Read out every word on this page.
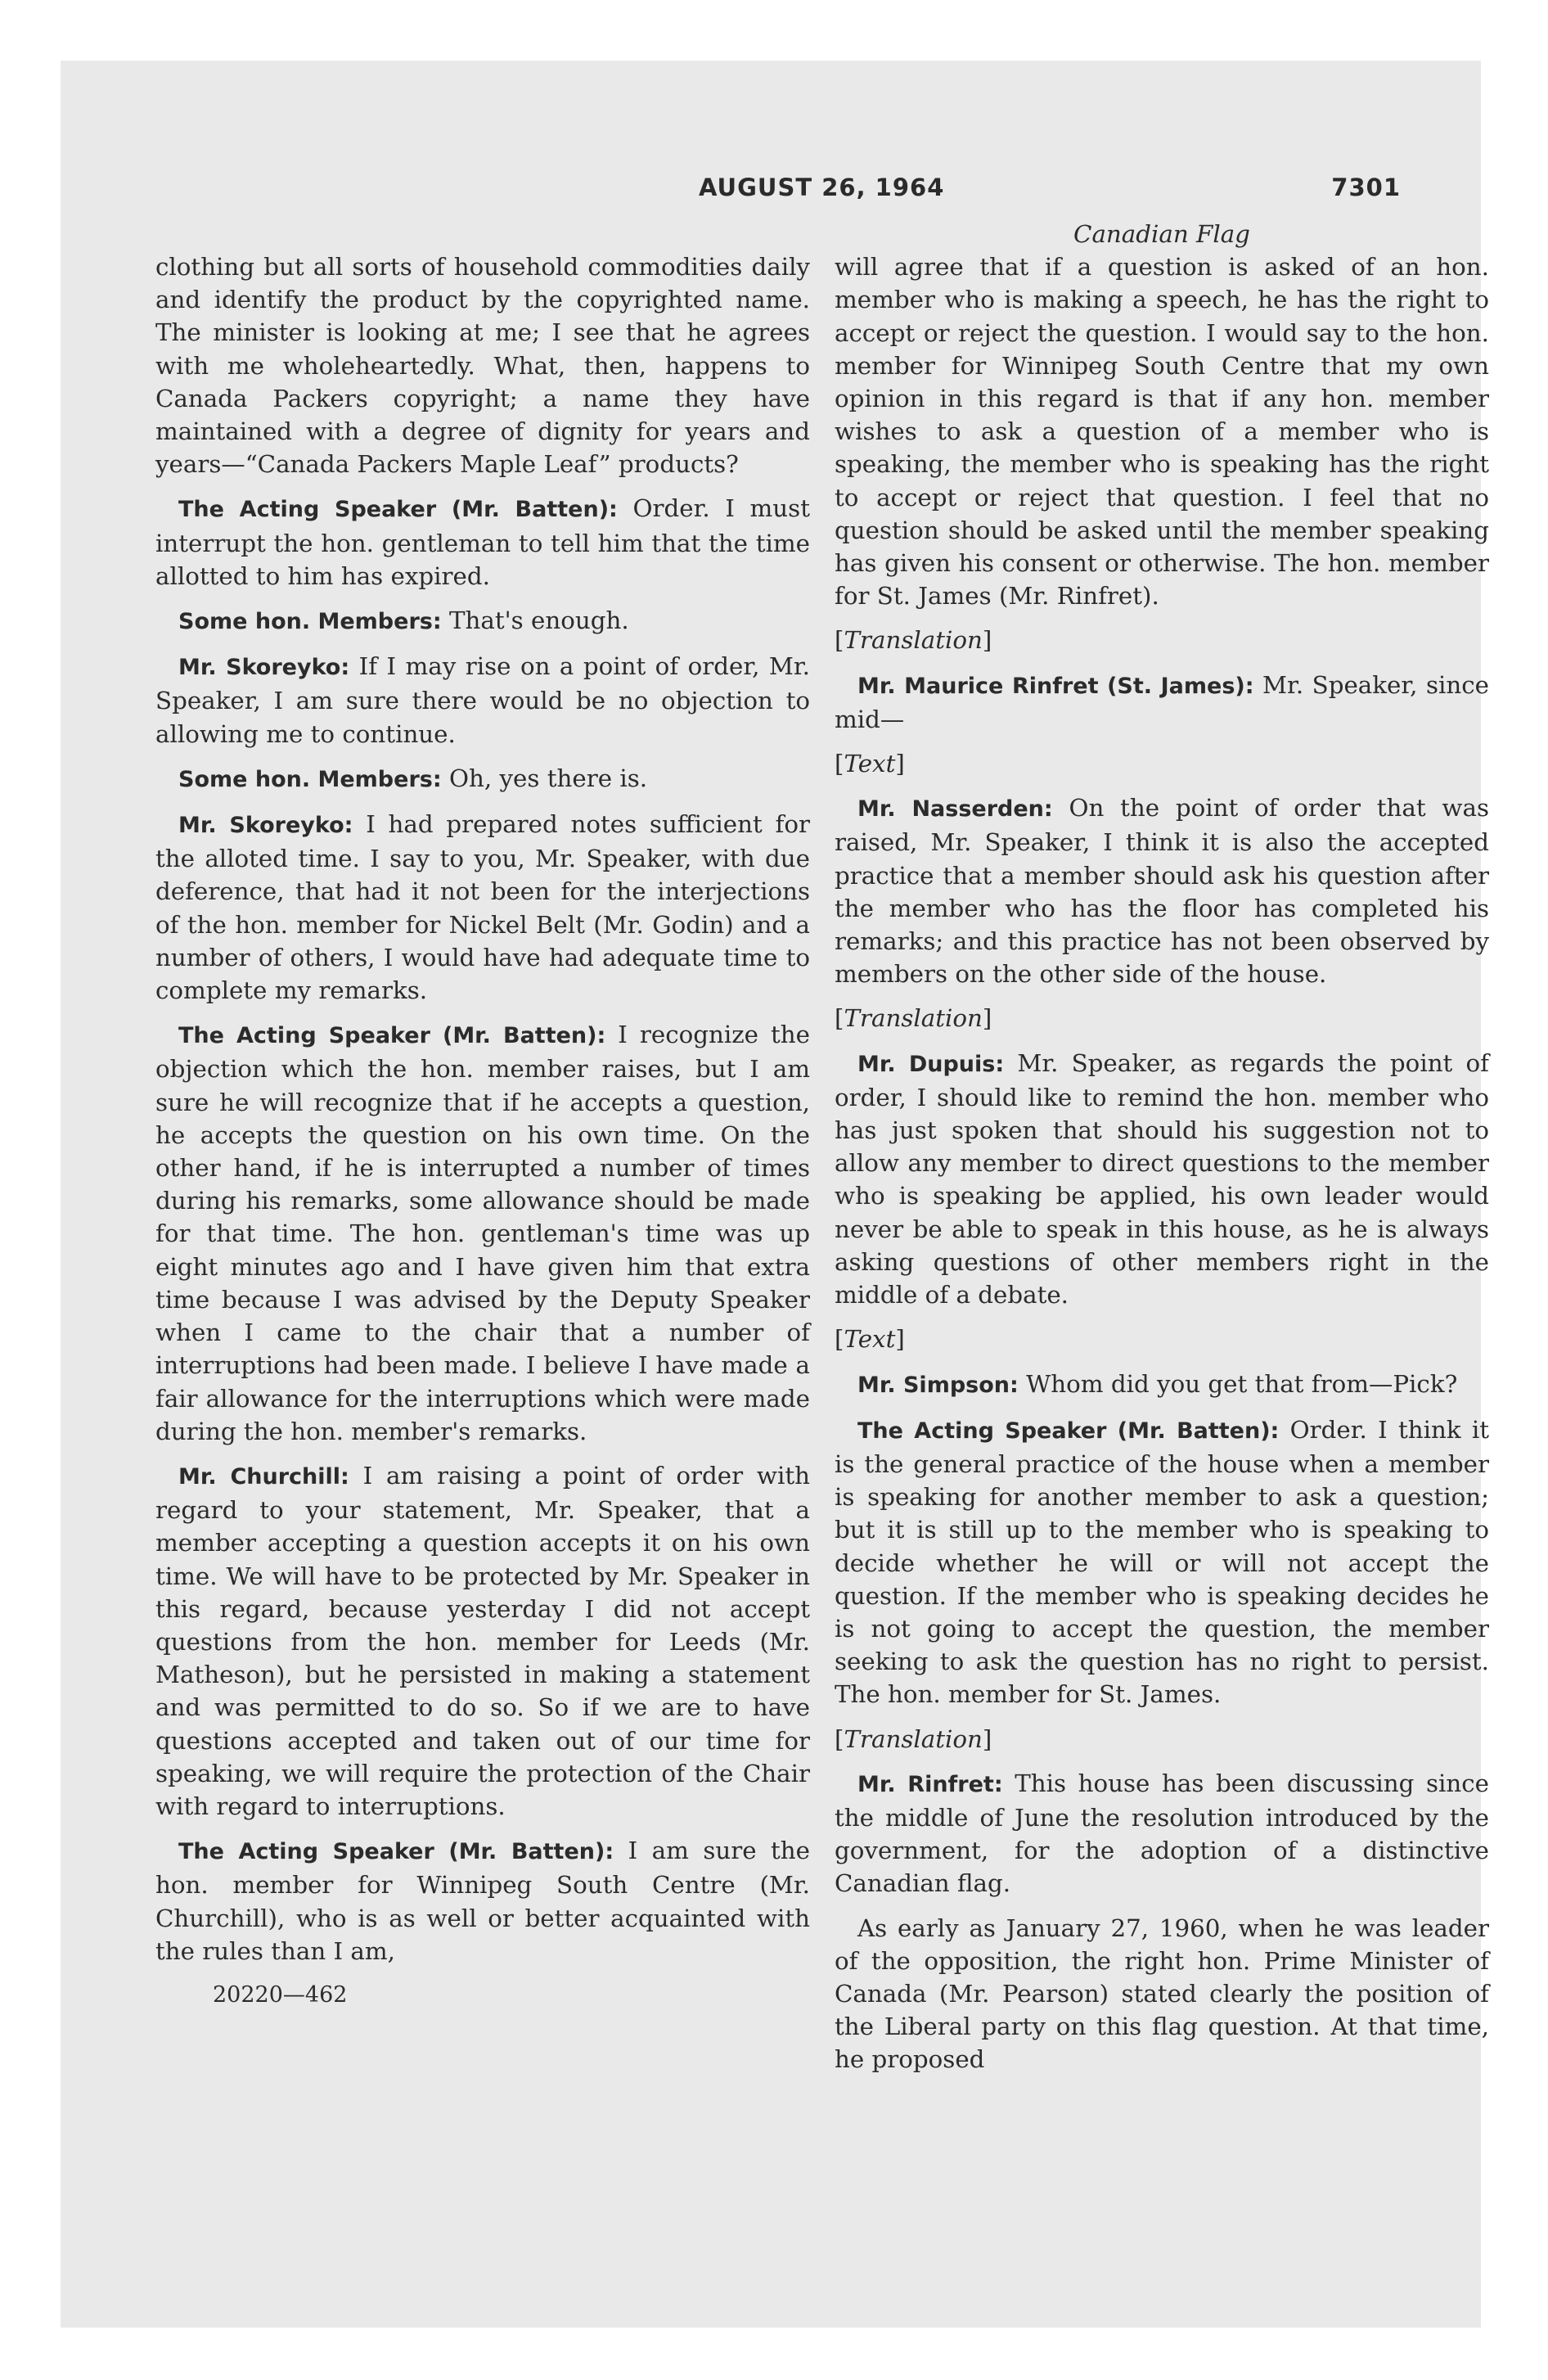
AUGUST 26, 1964	7301

clothing but all sorts of household commodities daily and identify the product by the copyrighted name. The minister is looking at me; I see that he agrees with me wholeheartedly. What, then, happens to Canada Packers copyright; a name they have maintained with a degree of dignity for years and years—“Canada Packers Maple Leaf” products?

The Acting Speaker (Mr. Batten): Order. I must interrupt the hon. gentleman to tell him that the time allotted to him has expired.

Some hon. Members: That's enough.

Mr. Skoreyko: If I may rise on a point of order, Mr. Speaker, I am sure there would be no objection to allowing me to continue.

Some hon. Members: Oh, yes there is.

Mr. Skoreyko: I had prepared notes sufficient for the alloted time. I say to you, Mr. Speaker, with due deference, that had it not been for the interjections of the hon. member for Nickel Belt (Mr. Godin) and a number of others, I would have had adequate time to complete my remarks.

The Acting Speaker (Mr. Batten): I recognize the objection which the hon. member raises, but I am sure he will recognize that if he accepts a question, he accepts the question on his own time. On the other hand, if he is interrupted a number of times during his remarks, some allowance should be made for that time. The hon. gentleman's time was up eight minutes ago and I have given him that extra time because I was advised by the Deputy Speaker when I came to the chair that a number of interruptions had been made. I believe I have made a fair allowance for the interruptions which were made during the hon. member's remarks.

Mr. Churchill: I am raising a point of order with regard to your statement, Mr. Speaker, that a member accepting a question accepts it on his own time. We will have to be protected by Mr. Speaker in this regard, because yesterday I did not accept questions from the hon. member for Leeds (Mr. Matheson), but he persisted in making a statement and was permitted to do so. So if we are to have questions accepted and taken out of our time for speaking, we will require the protection of the Chair with regard to interruptions.

The Acting Speaker (Mr. Batten): I am sure the hon. member for Winnipeg South Centre (Mr. Churchill), who is as well or better acquainted with the rules than I am,

20220—462

Canadian Flag

will agree that if a question is asked of an hon. member who is making a speech, he has the right to accept or reject the question. I would say to the hon. member for Winnipeg South Centre that my own opinion in this regard is that if any hon. member wishes to ask a question of a member who is speaking, the member who is speaking has the right to accept or reject that question. I feel that no question should be asked until the member speaking has given his consent or otherwise. The hon. member for St. James (Mr. Rinfret).

[Translation]

Mr. Maurice Rinfret (St. James): Mr. Speaker, since mid—

[Text]

Mr. Nasserden: On the point of order that was raised, Mr. Speaker, I think it is also the accepted practice that a member should ask his question after the member who has the floor has completed his remarks; and this practice has not been observed by members on the other side of the house.

[Translation]

Mr. Dupuis: Mr. Speaker, as regards the point of order, I should like to remind the hon. member who has just spoken that should his suggestion not to allow any member to direct questions to the member who is speaking be applied, his own leader would never be able to speak in this house, as he is always asking questions of other members right in the middle of a debate.

[Text]

Mr. Simpson: Whom did you get that from—Pick?

The Acting Speaker (Mr. Batten): Order. I think it is the general practice of the house when a member is speaking for another member to ask a question; but it is still up to the member who is speaking to decide whether he will or will not accept the question. If the member who is speaking decides he is not going to accept the question, the member seeking to ask the question has no right to persist. The hon. member for St. James.

[Translation]

Mr. Rinfret: This house has been discussing since the middle of June the resolution introduced by the government, for the adoption of a distinctive Canadian flag.

As early as January 27, 1960, when he was leader of the opposition, the right hon. Prime Minister of Canada (Mr. Pearson) stated clearly the position of the Liberal party on this flag question. At that time, he proposed
